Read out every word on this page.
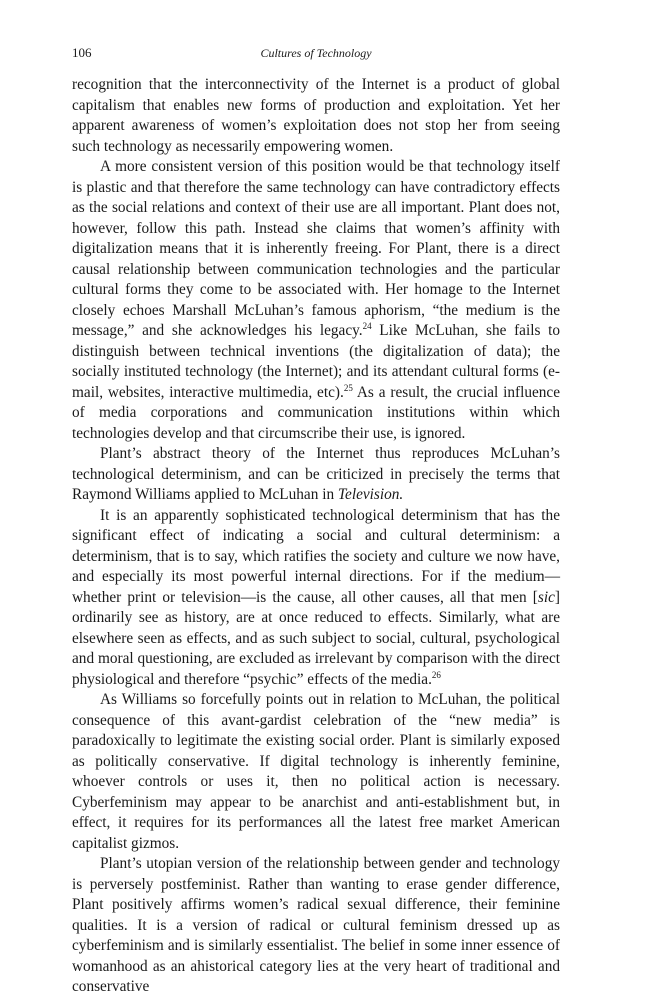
106	Cultures of Technology

recognition that the interconnectivity of the Internet is a product of global capitalism that enables new forms of production and exploitation. Yet her apparent awareness of women’s exploitation does not stop her from seeing such technology as necessarily empowering women.

A more consistent version of this position would be that technology itself is plastic and that therefore the same technology can have contradictory effects as the social relations and context of their use are all important. Plant does not, however, follow this path. Instead she claims that women’s affinity with digitalization means that it is inherently freeing. For Plant, there is a direct causal relationship between communication technologies and the particular cultural forms they come to be associated with. Her homage to the Internet closely echoes Marshall McLuhan’s famous aphorism, “the medium is the message,” and she acknowledges his legacy.$^{24}$ Like McLuhan, she fails to distinguish between technical inventions (the digitalization of data); the socially instituted technology (the Internet); and its attendant cultural forms (e-mail, websites, interactive multimedia, etc).$^{25}$ As a result, the crucial influence of media corporations and communication institutions within which technologies develop and that circumscribe their use, is ignored.

Plant’s abstract theory of the Internet thus reproduces McLuhan’s technological determinism, and can be criticized in precisely the terms that Raymond Williams applied to McLuhan in Television.

It is an apparently sophisticated technological determinism that has the significant effect of indicating a social and cultural determinism: a determinism, that is to say, which ratifies the society and culture we now have, and especially its most powerful internal directions. For if the medium—whether print or television—is the cause, all other causes, all that men [sic] ordinarily see as history, are at once reduced to effects. Similarly, what are elsewhere seen as effects, and as such subject to social, cultural, psychological and moral questioning, are excluded as irrelevant by comparison with the direct physiological and therefore “psychic” effects of the media.$^{26}$

As Williams so forcefully points out in relation to McLuhan, the political consequence of this avant-gardist celebration of the “new media” is paradoxically to legitimate the existing social order. Plant is similarly exposed as politically conservative. If digital technology is inherently feminine, whoever controls or uses it, then no political action is necessary. Cyberfeminism may appear to be anarchist and anti-establishment but, in effect, it requires for its performances all the latest free market American capitalist gizmos.

Plant’s utopian version of the relationship between gender and technology is perversely postfeminist. Rather than wanting to erase gender difference, Plant positively affirms women’s radical sexual difference, their feminine qualities. It is a version of radical or cultural feminism dressed up as cyberfeminism and is similarly essentialist. The belief in some inner essence of womanhood as an ahistorical category lies at the very heart of traditional and conservative
